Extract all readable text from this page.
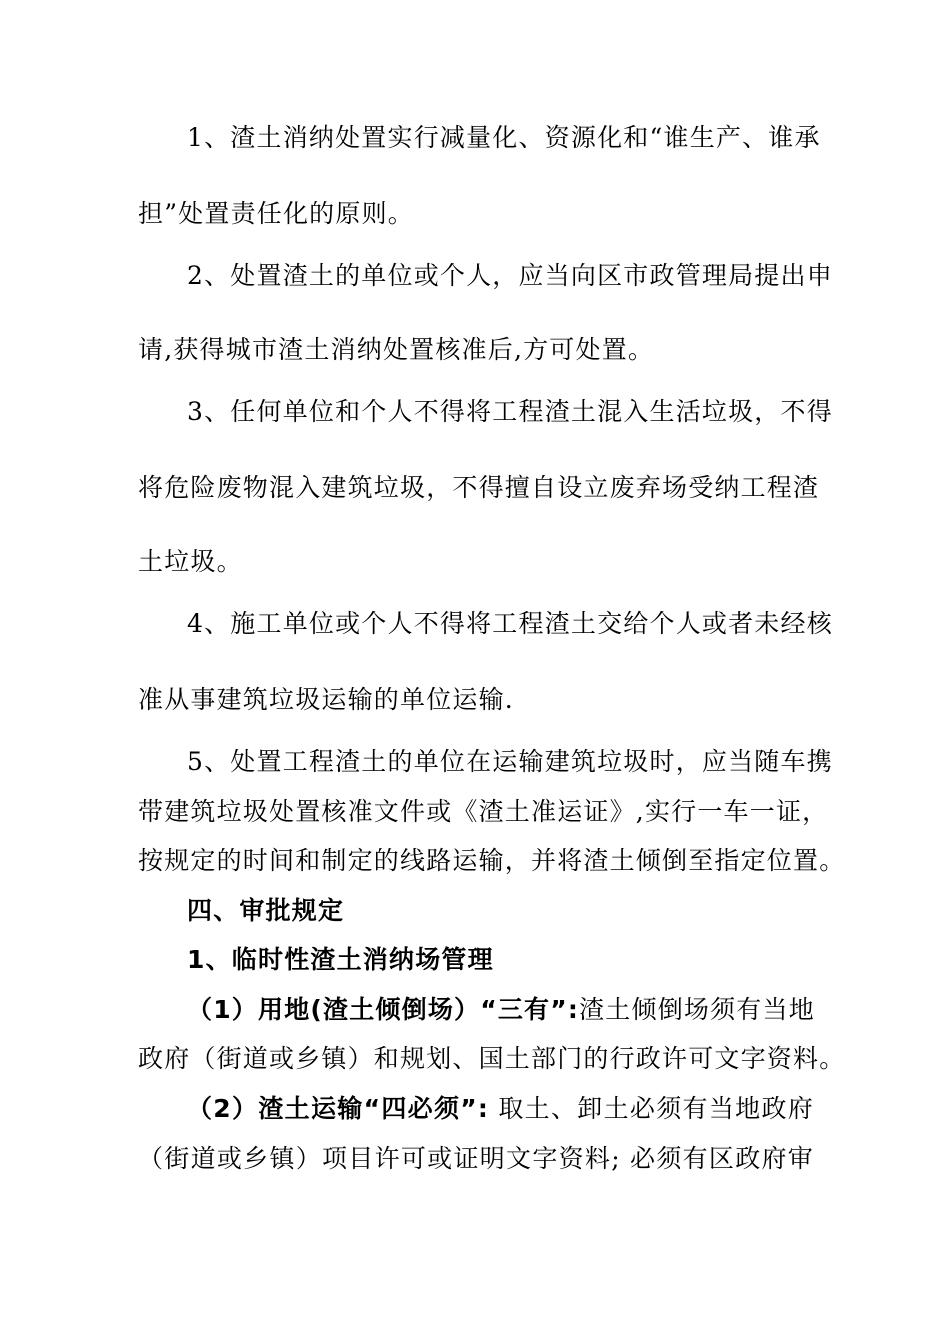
1、渣土消纳处置实行减量化、资源化和“谁生产、谁承
担”处置责任化的原则。
2、处置渣土的单位或个人，应当向区市政管理局提出申
请,获得城市渣土消纳处置核准后,方可处置。
3、任何单位和个人不得将工程渣土混入生活垃圾，不得
将危险废物混入建筑垃圾，不得擅自设立废弃场受纳工程渣
土垃圾。
4、施工单位或个人不得将工程渣土交给个人或者未经核
准从事建筑垃圾运输的单位运输.
5、处置工程渣土的单位在运输建筑垃圾时，应当随车携
带建筑垃圾处置核准文件或《渣土准运证》,实行一车一证，
按规定的时间和制定的线路运输，并将渣土倾倒至指定位置。
四、审批规定
1、临时性渣土消纳场管理
（1）用地(渣土倾倒场）“三有”:渣土倾倒场须有当地
政府（街道或乡镇）和规划、国土部门的行政许可文字资料。
（2）渣土运输“四必须”: 取土、卸土必须有当地政府
（街道或乡镇）项目许可或证明文字资料; 必须有区政府审
